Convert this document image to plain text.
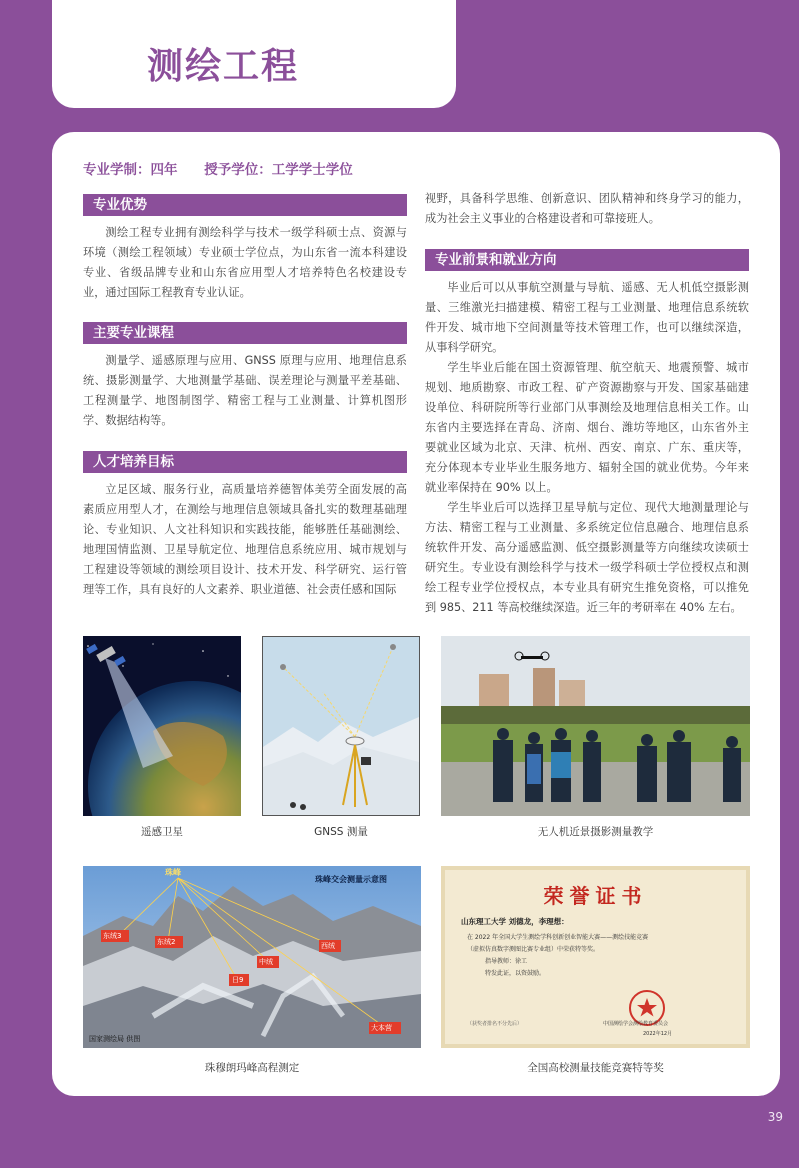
测绘工程
专业学制：四年 授予学位：工学学士学位
专业优势

测绘工程专业拥有测绘科学与技术一级学科硕士点、资源与环境（测绘工程领域）专业硕士学位点，为山东省一流本科建设专业、省级品牌专业和山东省应用型人才培养特色名校建设专业，通过国际工程教育专业认证。

主要专业课程

测量学、遥感原理与应用、GNSS 原理与应用、地理信息系统、摄影测量学、大地测量学基础、误差理论与测量平差基础、工程测量学、地图制图学、精密工程与工业测量、计算机图形学、数据结构等。

人才培养目标

立足区域、服务行业，高质量培养德智体美劳全面发展的高素质应用型人才，在测绘与地理信息领域具备扎实的数理基础理论、专业知识、人文社科知识和实践技能，能够胜任基础测绘、地理国情监测、卫星导航定位、地理信息系统应用、城市规划与工程建设等领域的测绘项目设计、技术开发、科学研究、运行管理等工作，具有良好的人文素养、职业道德、社会责任感和国际

视野，具备科学思维、创新意识、团队精神和终身学习的能力，成为社会主义事业的合格建设者和可靠接班人。

专业前景和就业方向

毕业后可以从事航空测量与导航、遥感、无人机低空摄影测量、三维激光扫描建模、精密工程与工业测量、地理信息系统软件开发、城市地下空间测量等技术管理工作，也可以继续深造，从事科学研究。

学生毕业后能在国土资源管理、航空航天、地震预警、城市规划、地质勘察、市政工程、矿产资源勘察与开发、国家基础建设单位、科研院所等行业部门从事测绘及地理信息相关工作。山东省内主要选择在青岛、济南、烟台、潍坊等地区，山东省外主要就业区域为北京、天津、杭州、西安、南京、广东、重庆等，充分体现本专业毕业生服务地方、辐射全国的就业优势。今年来就业率保持在 90% 以上。

学生毕业后可以选择卫星导航与定位、现代大地测量理论与方法、精密工程与工业测量、多系统定位信息融合、地理信息系统软件开发、高分遥感监测、低空摄影测量等方向继续攻读硕士研究生。专业设有测绘科学与技术一级学科硕士学位授权点和测绘工程专业学位授权点，本专业具有研究生推免资格，可以推免到 985、211 等高校继续深造。近三年的考研率在 40% 左右。

遥感卫星	GNSS 测量	无人机近景摄影测量教学
珠峰
珠峰交会测量示意图
东绒3
东绒2
中绒
西绒
日9
大本营
国家测绘局 供图
珠穆朗玛峰高程测定
荣誉证书
山东理工大学 刘德龙，李理想：
在 2022 年全国大学生测绘学科创新创业智能大赛——测绘技能竞赛
（虚拟仿真数字测图比赛专业组）中荣获特等奖。
指导教师：徐工
特发此证，以资鼓励。
中国测绘学会测绘教育委员会
2022年12月
（获奖者排名不分先后）
全国高校测量技能竞赛特等奖
39
